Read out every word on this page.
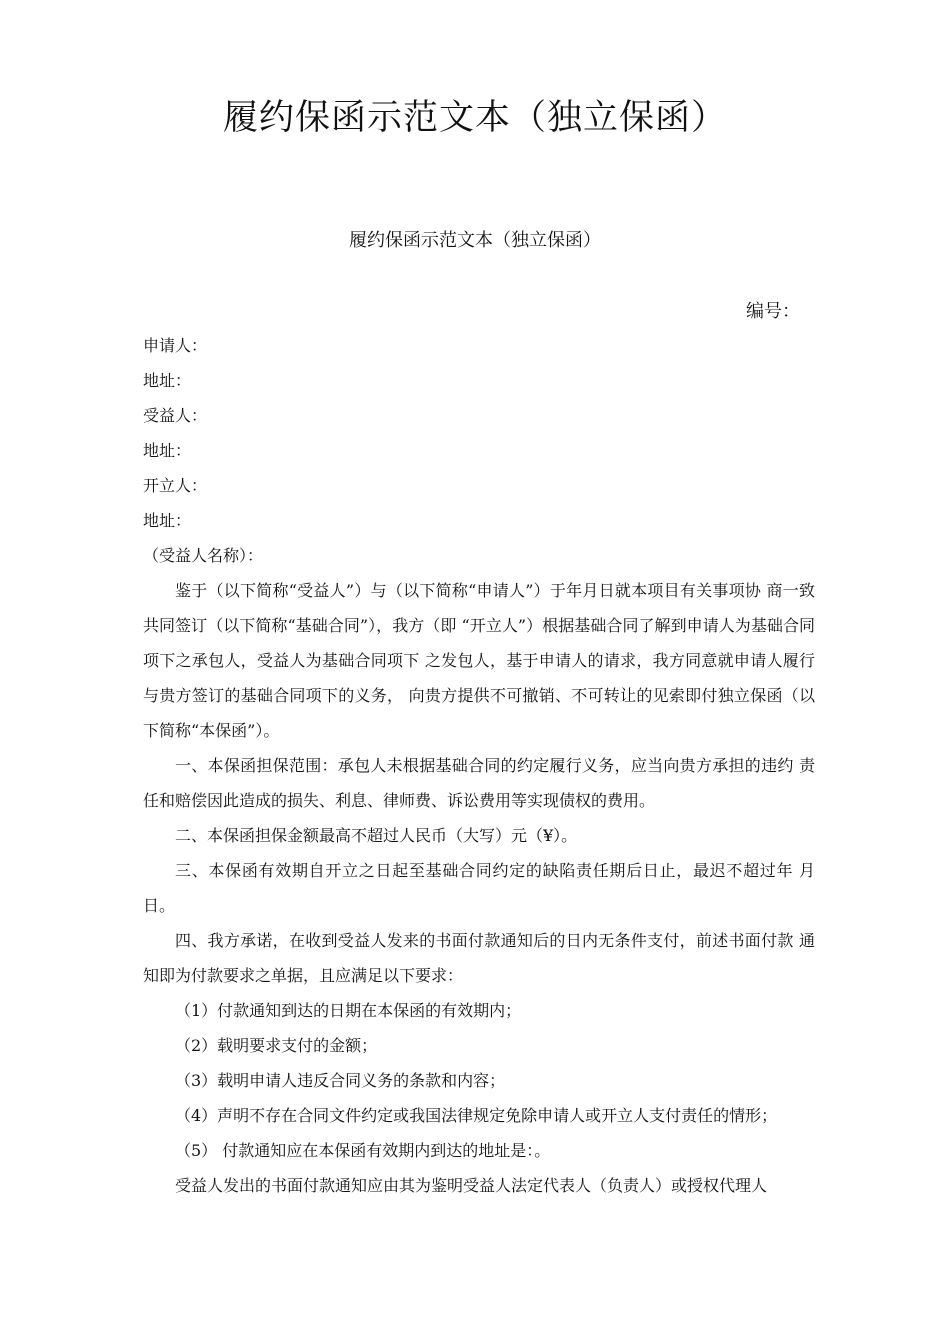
履约保函示范文本（独立保函）
履约保函示范文本（独立保函）
编号：

申请人：

地址：

受益人：

地址：

开立人：

地址：

（受益人名称）：

鉴于（以下简称“受益人”）与（以下简称“申请人”）于年月日就本项目有关事项协 商一致共同签订（以下简称“基础合同”），我方（即 “开立人”）根据基础合同了解到申请人为基础合同项下之承包人，受益人为基础合同项下 之发包人，基于申请人的请求，我方同意就申请人履行与贵方签订的基础合同项下的义务， 向贵方提供不可撤销、不可转让的见索即付独立保函（以下简称“本保函”）。

一、本保函担保范围：承包人未根据基础合同的约定履行义务，应当向贵方承担的违约 责任和赔偿因此造成的损失、利息、律师费、诉讼费用等实现债权的费用。

二、本保函担保金额最高不超过人民币（大写）元（¥）。

三、本保函有效期自开立之日起至基础合同约定的缺陷责任期后日止，最迟不超过年 月 日。

四、我方承诺，在收到受益人发来的书面付款通知后的日内无条件支付，前述书面付款 通知即为付款要求之单据，且应满足以下要求：

（1）付款通知到达的日期在本保函的有效期内；

（2）载明要求支付的金额；

（3）载明申请人违反合同义务的条款和内容；

（4）声明不存在合同文件约定或我国法律规定免除申请人或开立人支付责任的情形；

（5） 付款通知应在本保函有效期内到达的地址是：。

受益人发出的书面付款通知应由其为鉴明受益人法定代表人（负责人）或授权代理人
